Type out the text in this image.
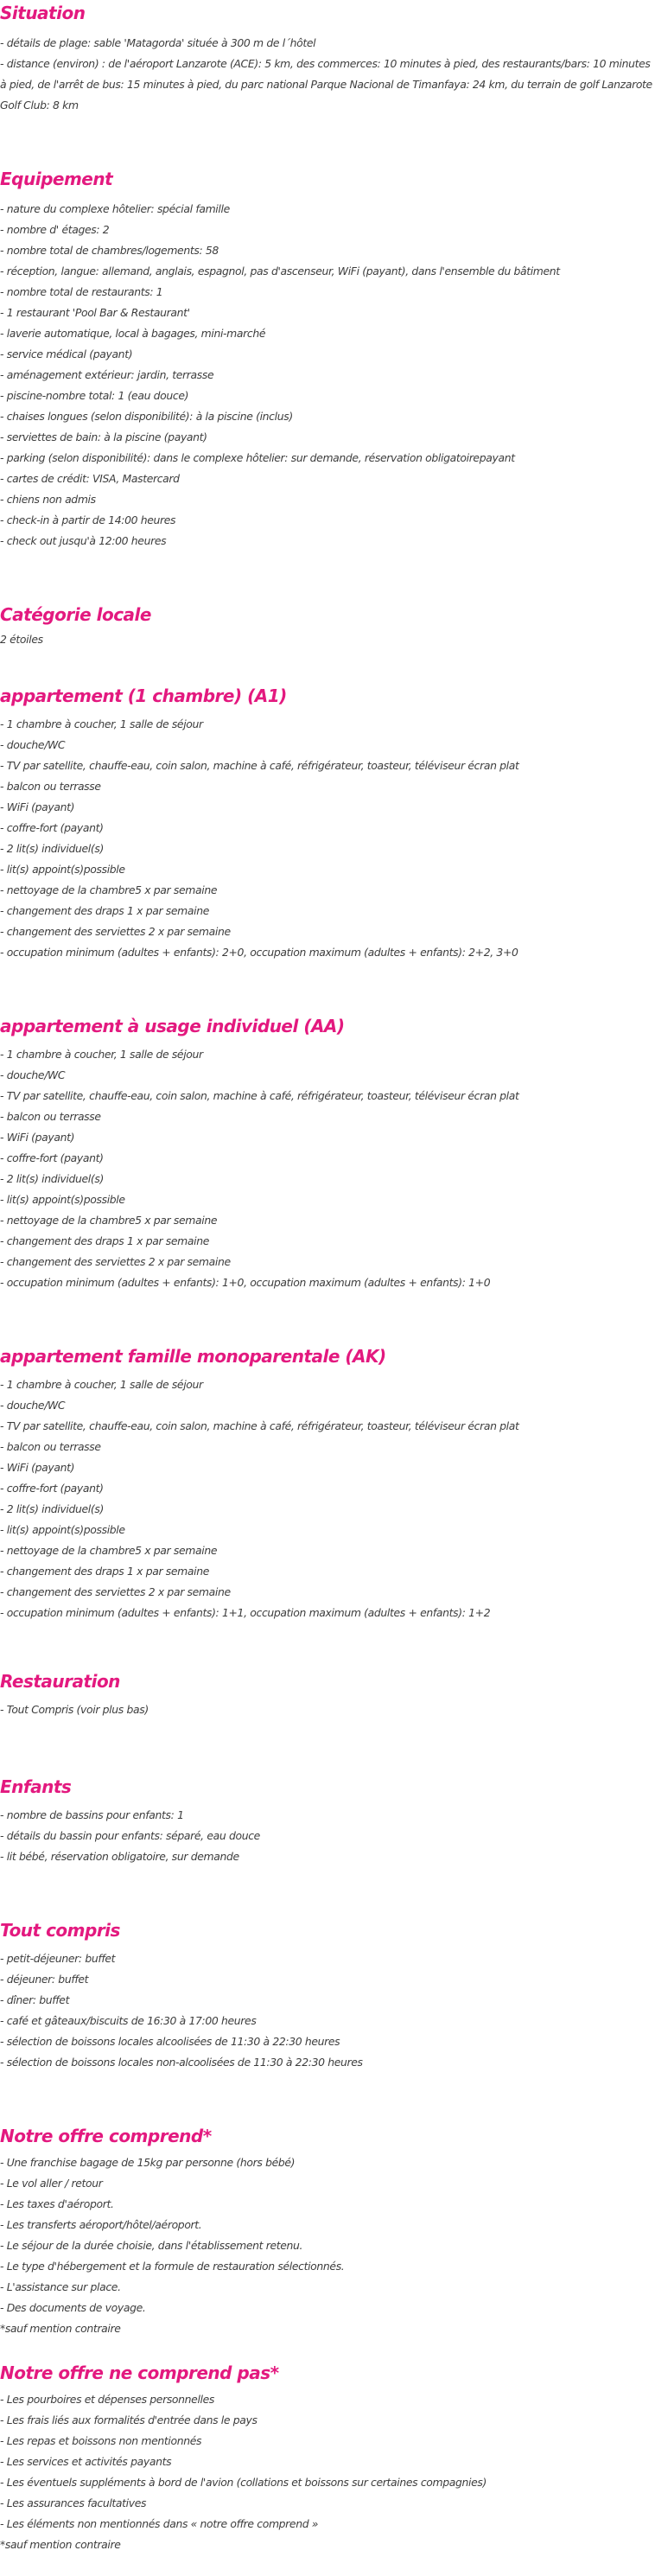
Situation

- détails de plage: sable 'Matagorda' située à 300 m de l´hôtel

- distance (environ) : de l'aéroport Lanzarote (ACE): 5 km, des commerces: 10 minutes à pied, des restaurants/bars: 10 minutes à pied, de l'arrêt de bus: 15 minutes à pied, du parc national Parque Nacional de Timanfaya: 24 km, du terrain de golf Lanzarote Golf Club: 8 km

Equipement

- nature du complexe hôtelier: spécial famille

- nombre d' étages: 2

- nombre total de chambres/logements: 58

- réception, langue: allemand, anglais, espagnol, pas d'ascenseur, WiFi (payant), dans l'ensemble du bâtiment

- nombre total de restaurants: 1

- 1 restaurant 'Pool Bar & Restaurant'

- laverie automatique, local à bagages, mini-marché

- service médical (payant)

- aménagement extérieur: jardin, terrasse

- piscine-nombre total: 1 (eau douce)

- chaises longues (selon disponibilité): à la piscine (inclus)

- serviettes de bain: à la piscine (payant)

- parking (selon disponibilité): dans le complexe hôtelier: sur demande, réservation obligatoirepayant

- cartes de crédit: VISA, Mastercard

- chiens non admis

- check-in à partir de 14:00 heures

- check out jusqu'à 12:00 heures

Catégorie locale

2 étoiles

appartement (1 chambre) (A1)

- 1 chambre à coucher, 1 salle de séjour

- douche/WC

- TV par satellite, chauffe-eau, coin salon, machine à café, réfrigérateur, toasteur, téléviseur écran plat

- balcon ou terrasse

- WiFi (payant)

- coffre-fort (payant)

- 2 lit(s) individuel(s)

- lit(s) appoint(s)possible

- nettoyage de la chambre5 x par semaine

- changement des draps 1 x par semaine

- changement des serviettes 2 x par semaine

- occupation minimum (adultes + enfants): 2+0, occupation maximum (adultes + enfants): 2+2, 3+0

appartement à usage individuel (AA)

- 1 chambre à coucher, 1 salle de séjour

- douche/WC

- TV par satellite, chauffe-eau, coin salon, machine à café, réfrigérateur, toasteur, téléviseur écran plat

- balcon ou terrasse

- WiFi (payant)

- coffre-fort (payant)

- 2 lit(s) individuel(s)

- lit(s) appoint(s)possible

- nettoyage de la chambre5 x par semaine

- changement des draps 1 x par semaine

- changement des serviettes 2 x par semaine

- occupation minimum (adultes + enfants): 1+0, occupation maximum (adultes + enfants): 1+0

appartement famille monoparentale (AK)

- 1 chambre à coucher, 1 salle de séjour

- douche/WC

- TV par satellite, chauffe-eau, coin salon, machine à café, réfrigérateur, toasteur, téléviseur écran plat

- balcon ou terrasse

- WiFi (payant)

- coffre-fort (payant)

- 2 lit(s) individuel(s)

- lit(s) appoint(s)possible

- nettoyage de la chambre5 x par semaine

- changement des draps 1 x par semaine

- changement des serviettes 2 x par semaine

- occupation minimum (adultes + enfants): 1+1, occupation maximum (adultes + enfants): 1+2

Restauration

- Tout Compris (voir plus bas)

Enfants

- nombre de bassins pour enfants: 1

- détails du bassin pour enfants: séparé, eau douce

- lit bébé, réservation obligatoire, sur demande

Tout compris

- petit-déjeuner: buffet

- déjeuner: buffet

- dîner: buffet

- café et gâteaux/biscuits de 16:30 à 17:00 heures

- sélection de boissons locales alcoolisées de 11:30 à 22:30 heures

- sélection de boissons locales non-alcoolisées de 11:30 à 22:30 heures

Notre offre comprend*

- Une franchise bagage de 15kg par personne (hors bébé)

- Le vol aller / retour

- Les taxes d'aéroport.

- Les transferts aéroport/hôtel/aéroport.

- Le séjour de la durée choisie, dans l'établissement retenu.

- Le type d'hébergement et la formule de restauration sélectionnés.

- L'assistance sur place.

- Des documents de voyage.

*sauf mention contraire

Notre offre ne comprend pas*

- Les pourboires et dépenses personnelles

- Les frais liés aux formalités d'entrée dans le pays

- Les repas et boissons non mentionnés

- Les services et activités payants

- Les éventuels suppléments à bord de l'avion (collations et boissons sur certaines compagnies)

- Les assurances facultatives

- Les éléments non mentionnés dans « notre offre comprend »

*sauf mention contraire
